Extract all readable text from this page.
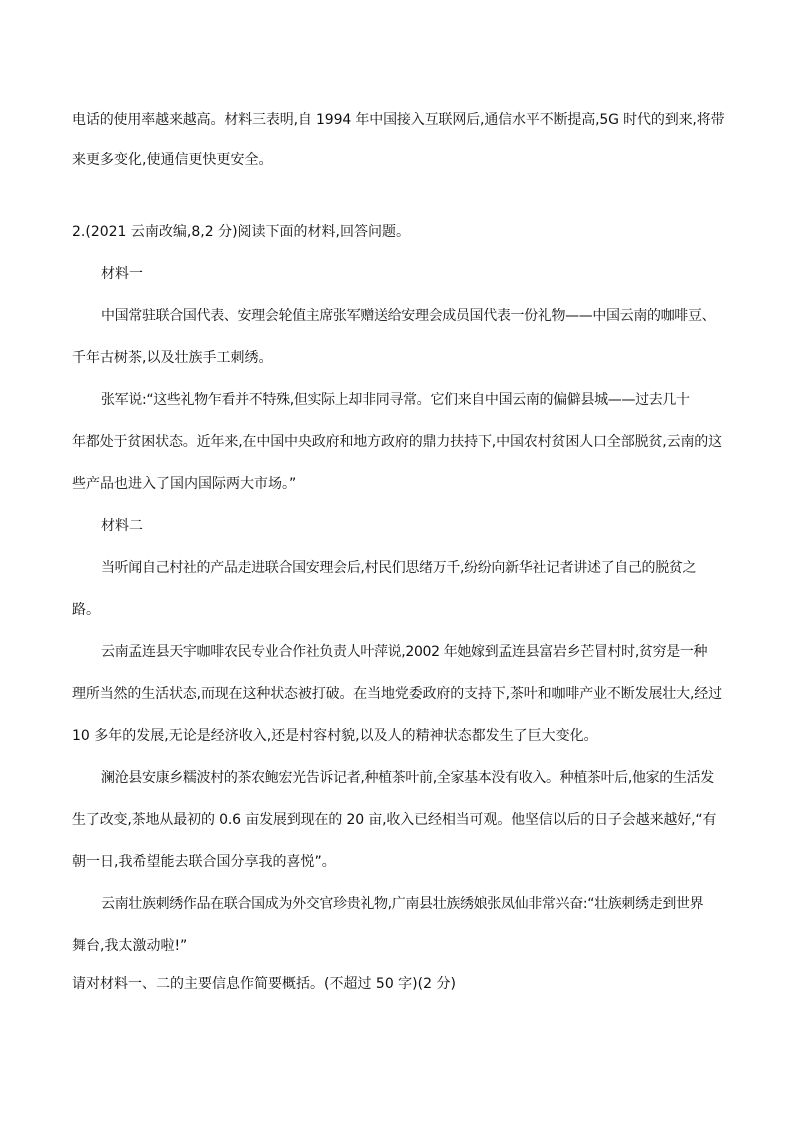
电话的使用率越来越高。材料三表明,自 1994 年中国接入互联网后,通信水平不断提高,5G 时代的到来,将带

来更多变化,使通信更快更安全。

2.(2021 云南改编,8,2 分)阅读下面的材料,回答问题。

材料一

中国常驻联合国代表、安理会轮值主席张军赠送给安理会成员国代表一份礼物——中国云南的咖啡豆、

千年古树茶,以及壮族手工刺绣。

张军说:“这些礼物乍看并不特殊,但实际上却非同寻常。它们来自中国云南的偏僻县城——过去几十

年都处于贫困状态。近年来,在中国中央政府和地方政府的鼎力扶持下,中国农村贫困人口全部脱贫,云南的这

些产品也进入了国内国际两大市场。”

材料二

当听闻自己村社的产品走进联合国安理会后,村民们思绪万千,纷纷向新华社记者讲述了自己的脱贫之

路。

云南孟连县天宇咖啡农民专业合作社负责人叶萍说,2002 年她嫁到孟连县富岩乡芒冒村时,贫穷是一种

理所当然的生活状态,而现在这种状态被打破。在当地党委政府的支持下,茶叶和咖啡产业不断发展壮大,经过

10 多年的发展,无论是经济收入,还是村容村貌,以及人的精神状态都发生了巨大变化。

澜沧县安康乡糯波村的茶农鲍宏光告诉记者,种植茶叶前,全家基本没有收入。种植茶叶后,他家的生活发

生了改变,茶地从最初的 0.6 亩发展到现在的 20 亩,收入已经相当可观。他坚信以后的日子会越来越好,“有

朝一日,我希望能去联合国分享我的喜悦”。

云南壮族刺绣作品在联合国成为外交官珍贵礼物,广南县壮族绣娘张凤仙非常兴奋:“壮族刺绣走到世界

舞台,我太激动啦!”

请对材料一、二的主要信息作简要概括。(不超过 50 字)(2 分)
